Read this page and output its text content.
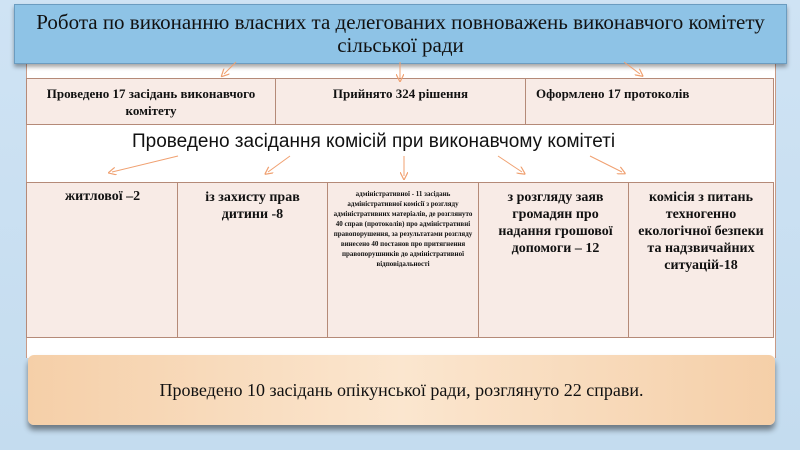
Робота по виконанню власних та делегованих повноважень виконавчого комітету
сільської ради
Проведено 17 засідань виконавчого комітету
Прийнято 324 рішення	Оформлено 17 протоколів
Проведено засідання комісій при виконавчому комітеті
житлової –2	із захисту прав дитини -8
адміністративної - 11 засідань адміністративної комісії з розгляду адміністративних матеріалів, де розглянуто 40 справ (протоколів) про адміністративні правопорушення, за результатами розгляду винесено 40 постанов про притягнення правопорушників до адміністративної відповідальності
з розгляду заяв громадян про надання грошової допомоги – 12
комісія з питань техногенно екологічної безпеки та надзвичайних ситуацій-18
Проведено 10 засідань опікунської ради, розглянуто 22 справи.
